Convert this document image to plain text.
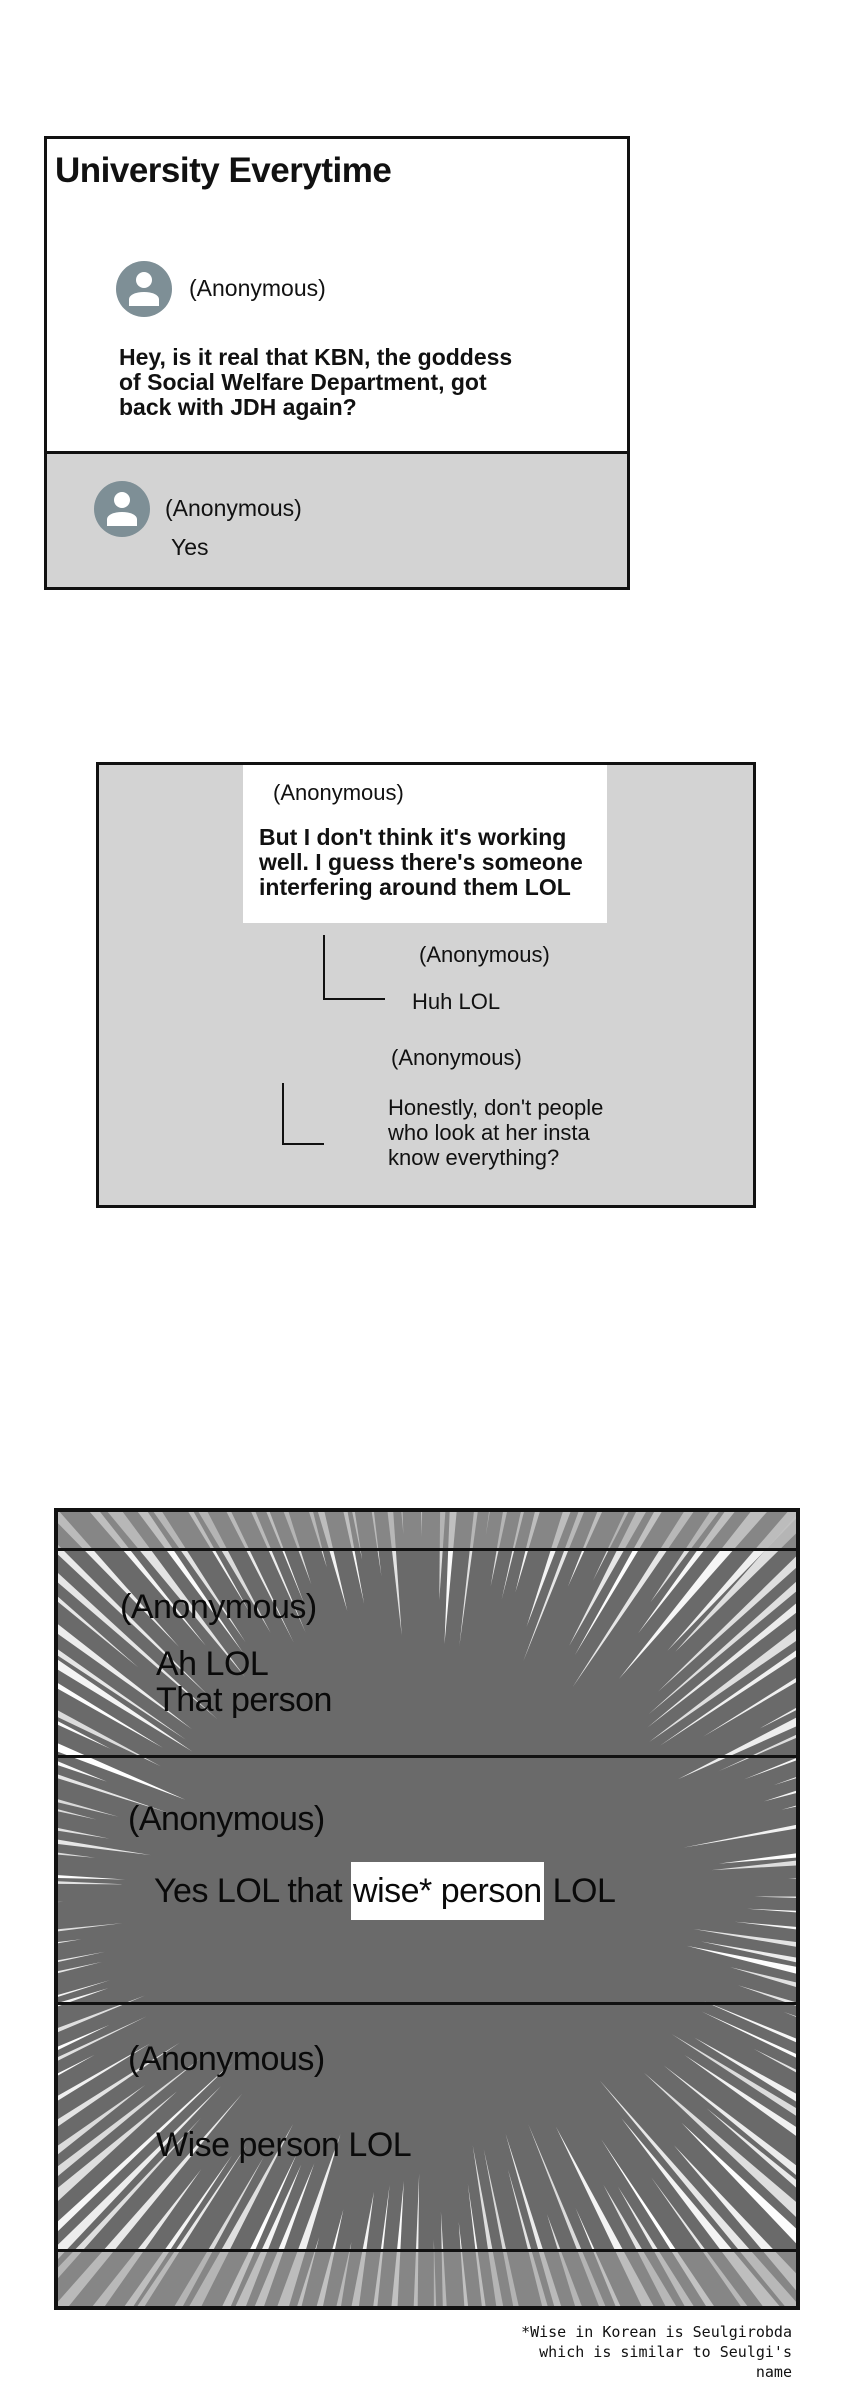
University Everytime
(Anonymous)
Hey, is it real that KBN, the goddess of Social Welfare Department, got back with JDH again?
(Anonymous)
Yes
(Anonymous)
But I don't think it's working well. I guess there's someone interfering around them LOL
(Anonymous)
Huh LOL
(Anonymous)
Honestly, don't people who look at her insta know everything?
(Anonymous)
Ah LOL
That person
(Anonymous)
Yes LOL that wise* person LOL
(Anonymous)
Wise person LOL
*Wise in Korean is Seulgirobda
which is similar to Seulgi's name
